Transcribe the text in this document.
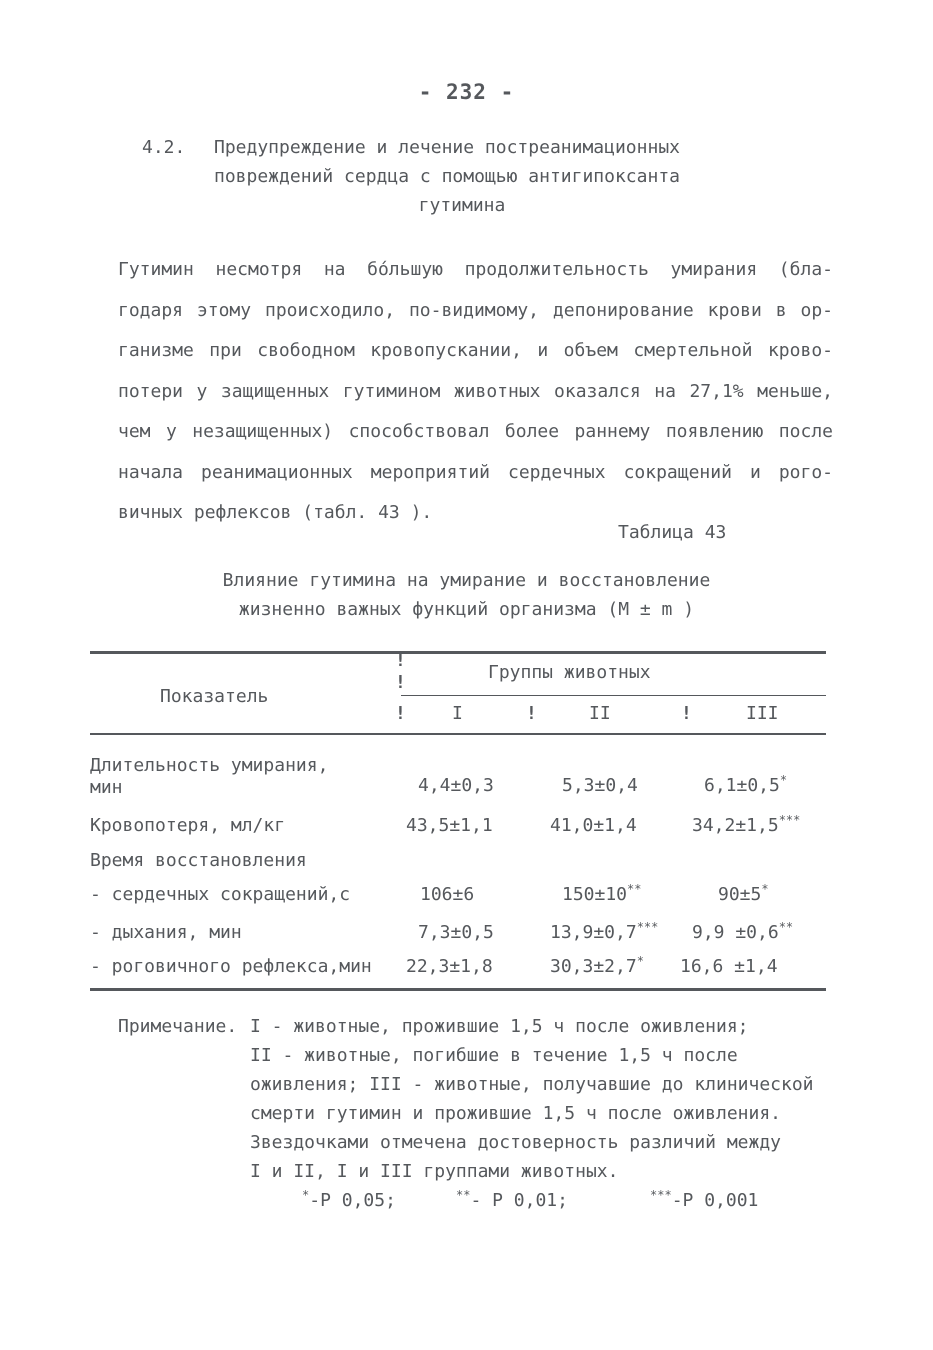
- 232 -
4.2. Предупреждение и лечение постреанимационных
повреждений сердца с помощью антигипоксанта
гутимина
Гутимин несмотря на бóльшую продолжительность умирания (бла-
годаря этому происходило, по-видимому, депонирование крови в ор-
ганизме при свободном кровопускании, и объем смертельной крово-
потери у защищенных гутимином животных оказался на 27,1% меньше,
чем у незащищенных) способствовал более раннему появлению после
начала реанимационных мероприятий сердечных сокращений и рого-
вичных рефлексов (табл. 43 ).
Таблица 43
Влияние гутимина на умирание и восстановление
жизненно важных функций организма (M ± m )
!
!
!	!	!
Показатель
Группы животных
I	II	III
Длительность умирания,
мин	4,4±0,3	5,3±0,4	6,1±0,5*
Кровопотеря, мл/кг	43,5±1,1	41,0±1,4	34,2±1,5***
Время восстановления
- сердечных сокращений,с	106±6	150±10**	90±5*
- дыхания, мин	7,3±0,5	13,9±0,7*** 9,9 ±0,6**
- роговичного рефлекса,мин 22,3±1,8	30,3±2,7* 16,6 ±1,4
Примечание. I - животные, прожившие 1,5 ч после оживления;
II - животные, погибшие в течение 1,5 ч после
оживления; III - животные, получавшие до клинической
смерти гутимин и прожившие 1,5 ч после оживления.
Звездочками отмечена достоверность различий между
I и II, I и III группами животных.
*-P 0,05;	**- P 0,01;	***-P 0,001
